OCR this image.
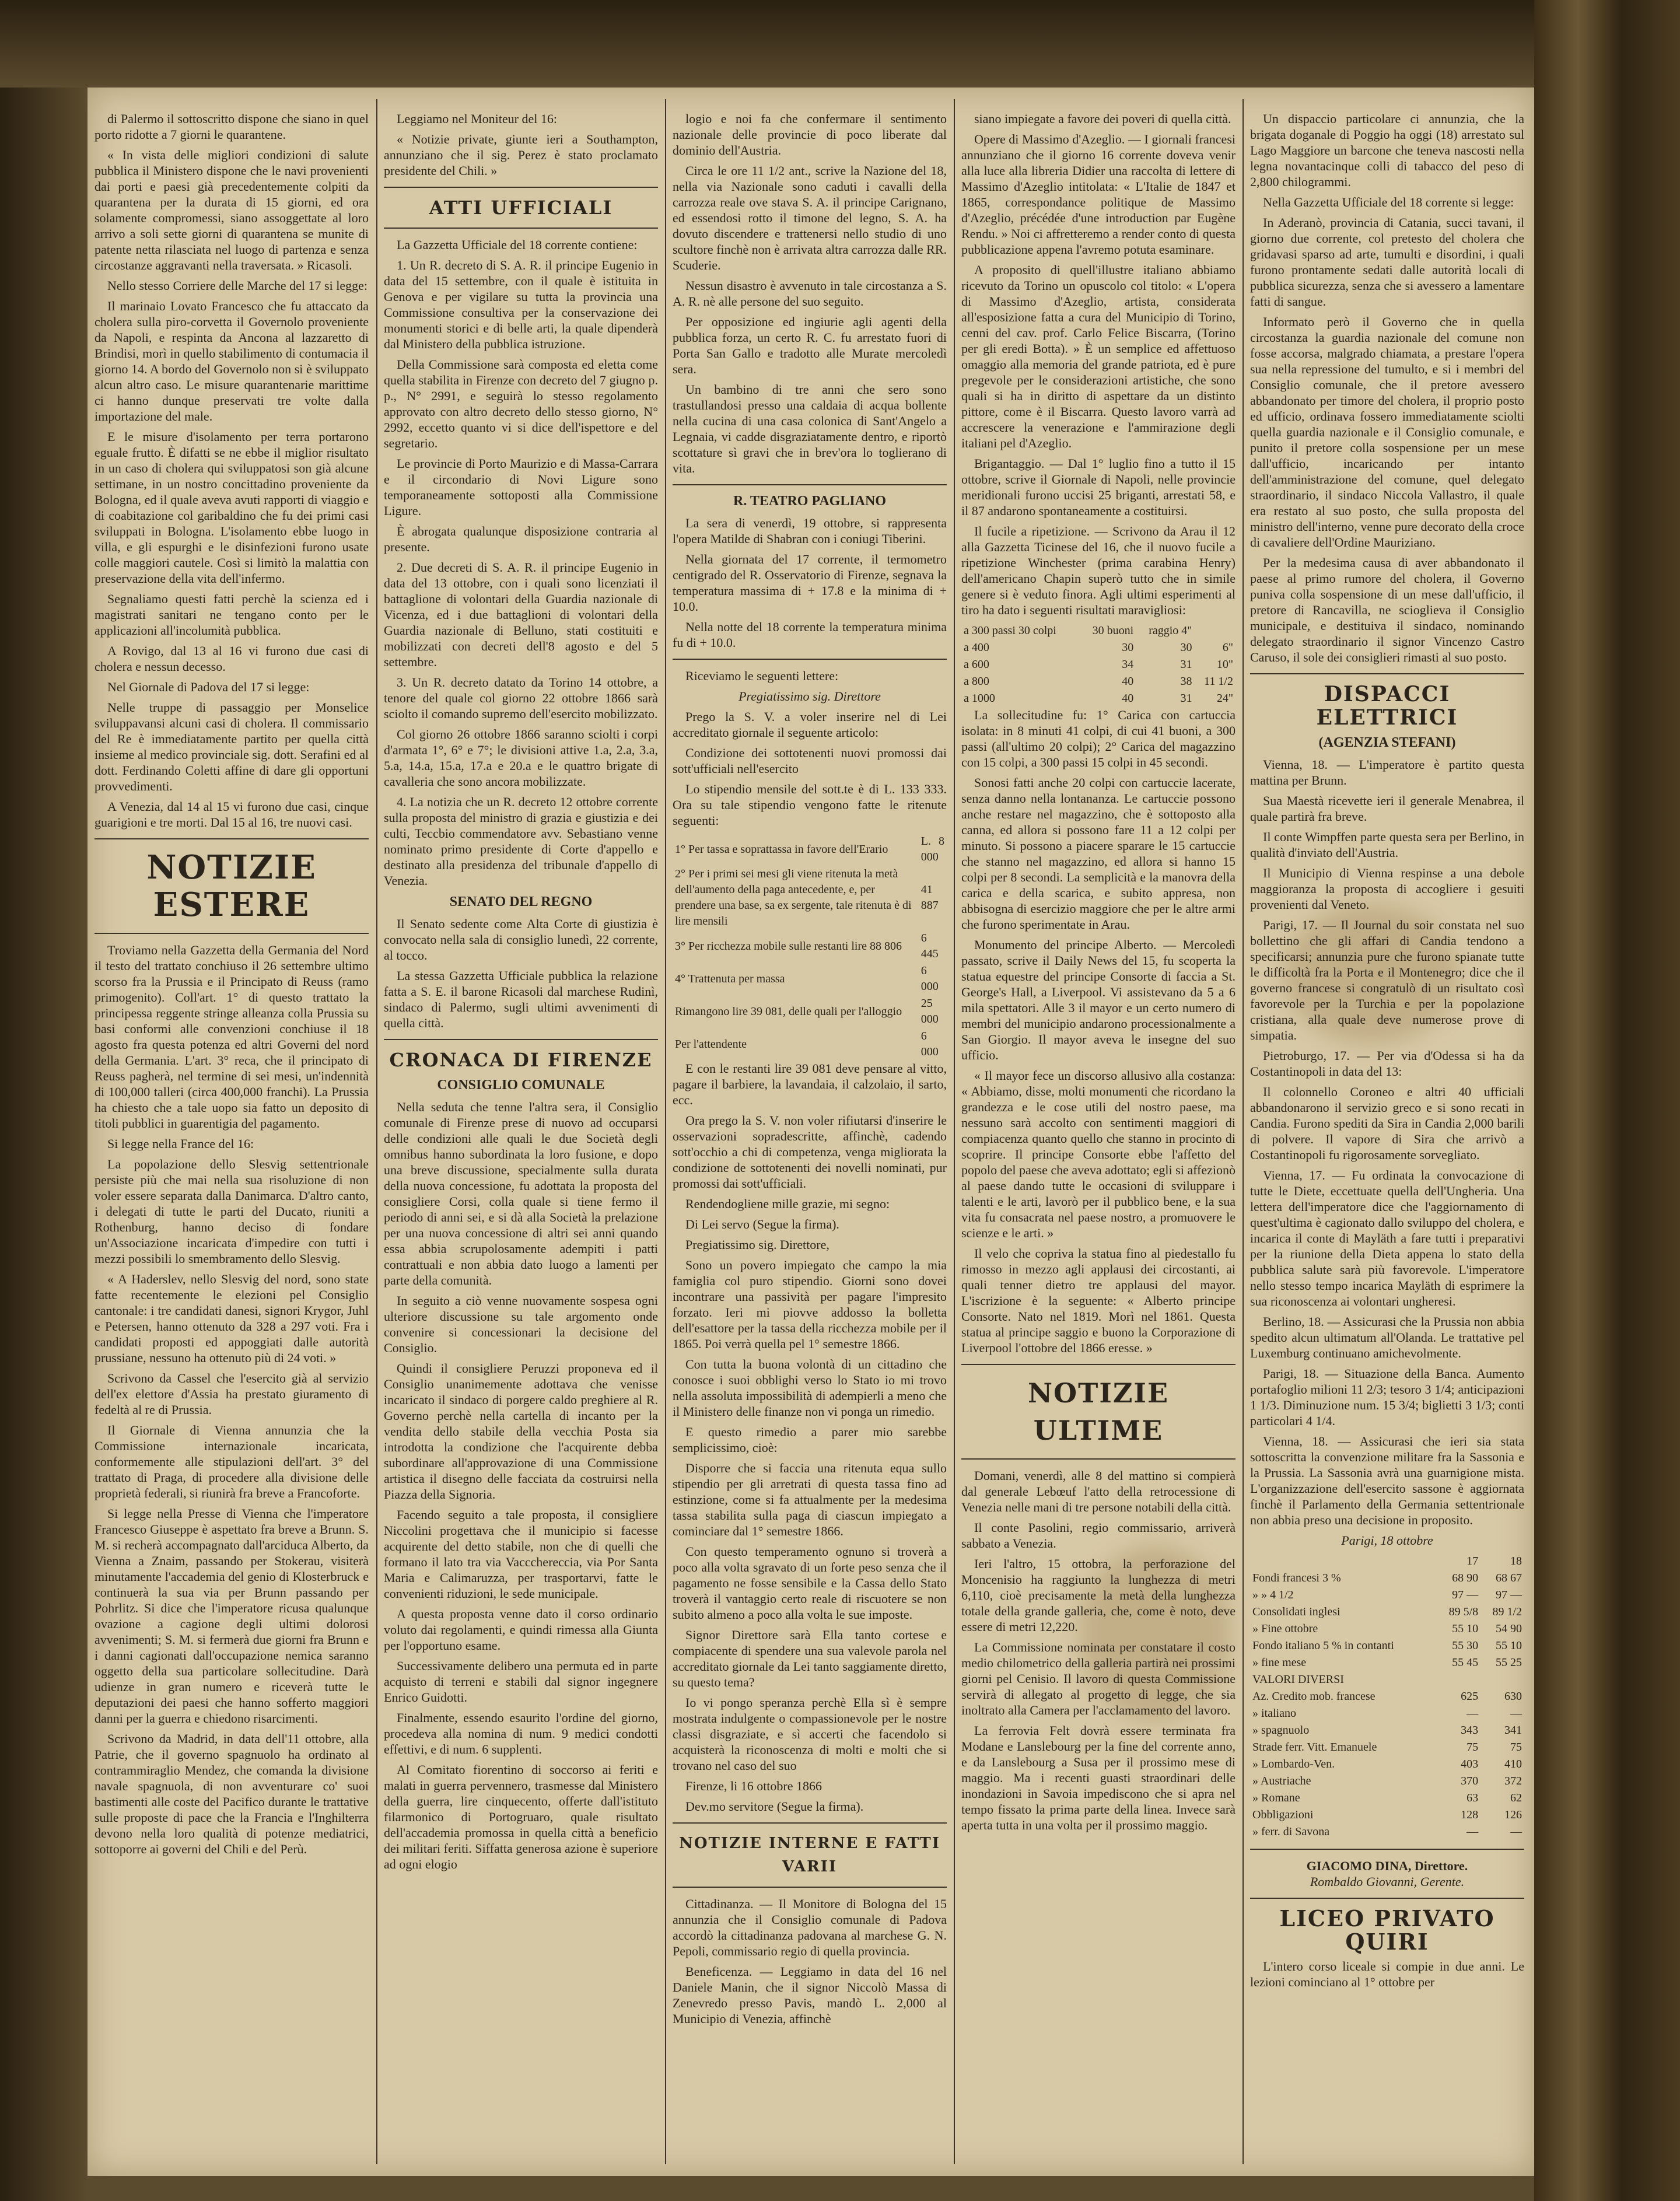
di Palermo il sottoscritto dispone che siano in quel porto ridotte a 7 giorni le quarantene.

« In vista delle migliori condizioni di salute pubblica il Ministero dispone che le navi provenienti dai porti e paesi già precedentemente colpiti da quarantena per la durata di 15 giorni, ed ora solamente compromessi, siano assoggettate al loro arrivo a soli sette giorni di quarantena se munite di patente netta rilasciata nel luogo di partenza e senza circostanze aggravanti nella traversata. » Ricasoli.

Nello stesso Corriere delle Marche del 17 si legge:

Il marinaio Lovato Francesco che fu attaccato da cholera sulla piro-corvetta il Governolo proveniente da Napoli, e respinta da Ancona al lazzaretto di Brindisi, morì in quello stabilimento di contumacia il giorno 14. A bordo del Governolo non si è sviluppato alcun altro caso. Le misure quarantenarie marittime ci hanno dunque preservati tre volte dalla importazione del male.

E le misure d'isolamento per terra portarono eguale frutto. È difatti se ne ebbe il miglior risultato in un caso di cholera qui sviluppatosi son già alcune settimane, in un nostro concittadino proveniente da Bologna, ed il quale aveva avuti rapporti di viaggio e di coabitazione col garibaldino che fu dei primi casi sviluppati in Bologna. L'isolamento ebbe luogo in villa, e gli espurghi e le disinfezioni furono usate colle maggiori cautele. Così si limitò la malattia con preservazione della vita dell'infermo.

Segnaliamo questi fatti perchè la scienza ed i magistrati sanitari ne tengano conto per le applicazioni all'incolumità pubblica.

A Rovigo, dal 13 al 16 vi furono due casi di cholera e nessun decesso.

Nel Giornale di Padova del 17 si legge:

Nelle truppe di passaggio per Monselice sviluppavansi alcuni casi di cholera. Il commissario del Re è immediatamente partito per quella città insieme al medico provinciale sig. dott. Serafini ed al dott. Ferdinando Coletti affine di dare gli opportuni provvedimenti.

A Venezia, dal 14 al 15 vi furono due casi, cinque guarigioni e tre morti. Dal 15 al 16, tre nuovi casi.

NOTIZIE ESTERE

Troviamo nella Gazzetta della Germania del Nord il testo del trattato conchiuso il 26 settembre ultimo scorso fra la Prussia e il Principato di Reuss (ramo primogenito). Coll'art. 1° di questo trattato la principessa reggente stringe alleanza colla Prussia su basi conformi alle convenzioni conchiuse il 18 agosto fra questa potenza ed altri Governi del nord della Germania. L'art. 3° reca, che il principato di Reuss pagherà, nel termine di sei mesi, un'indennità di 100,000 talleri (circa 400,000 franchi). La Prussia ha chiesto che a tale uopo sia fatto un deposito di titoli pubblici in guarentigia del pagamento.

Si legge nella France del 16:

La popolazione dello Slesvig settentrionale persiste più che mai nella sua risoluzione di non voler essere separata dalla Danimarca. D'altro canto, i delegati di tutte le parti del Ducato, riuniti a Rothenburg, hanno deciso di fondare un'Associazione incaricata d'impedire con tutti i mezzi possibili lo smembramento dello Slesvig.

« A Haderslev, nello Slesvig del nord, sono state fatte recentemente le elezioni pel Consiglio cantonale: i tre candidati danesi, signori Krygor, Juhl e Petersen, hanno ottenuto da 328 a 297 voti. Fra i candidati proposti ed appoggiati dalle autorità prussiane, nessuno ha ottenuto più di 24 voti. »

Scrivono da Cassel che l'esercito già al servizio dell'ex elettore d'Assia ha prestato giuramento di fedeltà al re di Prussia.

Il Giornale di Vienna annunzia che la Commissione internazionale incaricata, conformemente alle stipulazioni dell'art. 3° del trattato di Praga, di procedere alla divisione delle proprietà federali, si riunirà fra breve a Francoforte.

Si legge nella Presse di Vienna che l'imperatore Francesco Giuseppe è aspettato fra breve a Brunn. S. M. si recherà accompagnato dall'arciduca Alberto, da Vienna a Znaim, passando per Stokerau, visiterà minutamente l'accademia del genio di Klosterbruck e continuerà la sua via per Brunn passando per Pohrlitz. Si dice che l'imperatore ricusa qualunque ovazione a cagione degli ultimi dolorosi avvenimenti; S. M. si fermerà due giorni fra Brunn e i danni cagionati dall'occupazione nemica saranno oggetto della sua particolare sollecitudine. Darà udienze in gran numero e riceverà tutte le deputazioni dei paesi che hanno sofferto maggiori danni per la guerra e chiedono risarcimenti.

Scrivono da Madrid, in data dell'11 ottobre, alla Patrie, che il governo spagnuolo ha ordinato al contrammiraglio Mendez, che comanda la divisione navale spagnuola, di non avventurare co' suoi bastimenti alle coste del Pacifico durante le trattative sulle proposte di pace che la Francia e l'Inghilterra devono nella loro qualità di potenze mediatrici, sottoporre ai governi del Chili e del Perù.

Leggiamo nel Moniteur del 16:

« Notizie private, giunte ieri a Southampton, annunziano che il sig. Perez è stato proclamato presidente del Chili. »

ATTI UFFICIALI

La Gazzetta Ufficiale del 18 corrente contiene:

1. Un R. decreto di S. A. R. il principe Eugenio in data del 15 settembre, con il quale è istituita in Genova e per vigilare su tutta la provincia una Commissione consultiva per la conservazione dei monumenti storici e di belle arti, la quale dipenderà dal Ministero della pubblica istruzione.

Della Commissione sarà composta ed eletta come quella stabilita in Firenze con decreto del 7 giugno p. p., N° 2991, e seguirà lo stesso regolamento approvato con altro decreto dello stesso giorno, N° 2992, eccetto quanto vi si dice dell'ispettore e del segretario.

Le provincie di Porto Maurizio e di Massa-Carrara e il circondario di Novi Ligure sono temporaneamente sottoposti alla Commissione Ligure.

È abrogata qualunque disposizione contraria al presente.

2. Due decreti di S. A. R. il principe Eugenio in data del 13 ottobre, con i quali sono licenziati il battaglione di volontari della Guardia nazionale di Vicenza, ed i due battaglioni di volontari della Guardia nazionale di Belluno, stati costituiti e mobilizzati con decreti dell'8 agosto e del 5 settembre.

3. Un R. decreto datato da Torino 14 ottobre, a tenore del quale col giorno 22 ottobre 1866 sarà sciolto il comando supremo dell'esercito mobilizzato.

Col giorno 26 ottobre 1866 saranno sciolti i corpi d'armata 1°, 6° e 7°; le divisioni attive 1.a, 2.a, 3.a, 5.a, 14.a, 15.a, 17.a e 20.a e le quattro brigate di cavalleria che sono ancora mobilizzate.

4. La notizia che un R. decreto 12 ottobre corrente sulla proposta del ministro di grazia e giustizia e dei culti, Teccbio commendatore avv. Sebastiano venne nominato primo presidente di Corte d'appello e destinato alla presidenza del tribunale d'appello di Venezia.

SENATO DEL REGNO

Il Senato sedente come Alta Corte di giustizia è convocato nella sala di consiglio lunedì, 22 corrente, al tocco.

La stessa Gazzetta Ufficiale pubblica la relazione fatta a S. E. il barone Ricasoli dal marchese Rudinì, sindaco di Palermo, sugli ultimi avvenimenti di quella città.

CRONACA DI FIRENZE
CONSIGLIO COMUNALE

Nella seduta che tenne l'altra sera, il Consiglio comunale di Firenze prese di nuovo ad occuparsi delle condizioni alle quali le due Società degli omnibus hanno subordinata la loro fusione, e dopo una breve discussione, specialmente sulla durata della nuova concessione, fu adottata la proposta del consigliere Corsi, colla quale si tiene fermo il periodo di anni sei, e si dà alla Società la prelazione per una nuova concessione di altri sei anni quando essa abbia scrupolosamente adempiti i patti contrattuali e non abbia dato luogo a lamenti per parte della comunità.

In seguito a ciò venne nuovamente sospesa ogni ulteriore discussione su tale argomento onde convenire si concessionari la decisione del Consiglio.

Quindi il consigliere Peruzzi proponeva ed il Consiglio unanimemente adottava che venisse incaricato il sindaco di porgere caldo preghiere al R. Governo perchè nella cartella di incanto per la vendita dello stabile della vecchia Posta sia introdotta la condizione che l'acquirente debba subordinare all'approvazione di una Commissione artistica il disegno delle facciata da costruirsi nella Piazza della Signoria.

Facendo seguito a tale proposta, il consigliere Niccolini progettava che il municipio si facesse acquirente del detto stabile, non che di quelli che formano il lato tra via Vaccchereccia, via Por Santa Maria e Calimaruzza, per trasportarvi, fatte le convenienti riduzioni, le sede municipale.

A questa proposta venne dato il corso ordinario voluto dai regolamenti, e quindi rimessa alla Giunta per l'opportuno esame.

Successivamente delibero una permuta ed in parte acquisto di terreni e stabili dal signor ingegnere Enrico Guidotti.

Finalmente, essendo esaurito l'ordine del giorno, procedeva alla nomina di num. 9 medici condotti effettivi, e di num. 6 supplenti.

Al Comitato fiorentino di soccorso ai feriti e malati in guerra pervennero, trasmesse dal Ministero della guerra, lire cinquecento, offerte dall'istituto filarmonico di Portogruaro, quale risultato dell'accademia promossa in quella città a beneficio dei militari feriti. Siffatta generosa azione è superiore ad ogni elogio

logio e noi fa che confermare il sentimento nazionale delle provincie di poco liberate dal dominio dell'Austria.

Circa le ore 11 1/2 ant., scrive la Nazione del 18, nella via Nazionale sono caduti i cavalli della carrozza reale ove stava S. A. il principe Carignano, ed essendosi rotto il timone del legno, S. A. ha dovuto discendere e trattenersi nello studio di uno scultore finchè non è arrivata altra carrozza dalle RR. Scuderie.

Nessun disastro è avvenuto in tale circostanza a S. A. R. nè alle persone del suo seguito.

Per opposizione ed ingiurie agli agenti della pubblica forza, un certo R. C. fu arrestato fuori di Porta San Gallo e tradotto alle Murate mercoledì sera.

Un bambino di tre anni che sero sono trastullandosi presso una caldaia di acqua bollente nella cucina di una casa colonica di Sant'Angelo a Legnaia, vi cadde disgraziatamente dentro, e riportò scottature sì gravi che in brev'ora lo toglierano di vita.

R. TEATRO PAGLIANO

La sera di venerdì, 19 ottobre, si rappresenta l'opera Matilde di Shabran con i coniugi Tiberini.

Nella giornata del 17 corrente, il termometro centigrado del R. Osservatorio di Firenze, segnava la temperatura massima di + 17.8 e la minima di + 10.0.

Nella notte del 18 corrente la temperatura minima fu di + 10.0.

Riceviamo le seguenti lettere:

Pregiatissimo sig. Direttore

Prego la S. V. a voler inserire nel di Lei accreditato giornale il seguente articolo:

Condizione dei sottotenenti nuovi promossi dai sott'ufficiali nell'esercito

Lo stipendio mensile del sott.te è di L. 133 333. Ora su tale stipendio vengono fatte le ritenute seguenti:

1° Per tassa e soprattassa in favore dell'Erario	L. 8 000
2° Per i primi sei mesi gli viene ritenuta la metà dell'aumento della paga antecedente, e, per prendere una base, sa ex sergente, tale ritenuta è di lire mensili	41 887
3° Per ricchezza mobile sulle restanti lire 88 806	6 445
4° Trattenuta per massa	6 000
Rimangono lire 39 081, delle quali per l'alloggio	25 000
Per l'attendente	6 000

E con le restanti lire 39 081 deve pensare al vitto, pagare il barbiere, la lavandaia, il calzolaio, il sarto, ecc.

Ora prego la S. V. non voler rifiutarsi d'inserire le osservazioni sopradescritte, affinchè, cadendo sott'occhio a chi di competenza, venga migliorata la condizione de sottotenenti dei novelli nominati, pur promossi dai sott'ufficiali.

Rendendogliene mille grazie, mi segno:

Di Lei servo (Segue la firma).

Pregiatissimo sig. Direttore,

Sono un povero impiegato che campo la mia famiglia col puro stipendio. Giorni sono dovei incontrare una passività per pagare l'impresito forzato. Ieri mi piovve addosso la bolletta dell'esattore per la tassa della ricchezza mobile per il 1865. Poi verrà quella pel 1° semestre 1866.

Con tutta la buona volontà di un cittadino che conosce i suoi obblighi verso lo Stato io mi trovo nella assoluta impossibilità di adempierli a meno che il Ministero delle finanze non vi ponga un rimedio.

E questo rimedio a parer mio sarebbe semplicissimo, cioè:

Disporre che si faccia una ritenuta equa sullo stipendio per gli arretrati di questa tassa fino ad estinzione, come si fa attualmente per la medesima tassa stabilita sulla paga di ciascun impiegato a cominciare dal 1° semestre 1866.

Con questo temperamento ognuno si troverà a poco alla volta sgravato di un forte peso senza che il pagamento ne fosse sensibile e la Cassa dello Stato troverà il vantaggio certo reale di riscuotere se non subito almeno a poco alla volta le sue imposte.

Signor Direttore sarà Ella tanto cortese e compiacente di spendere una sua valevole parola nel accreditato giornale da Lei tanto saggiamente diretto, su questo tema?

Io vi pongo speranza perchè Ella sì è sempre mostrata indulgente o compassionevole per le nostre classi disgraziate, e sì accerti che facendolo si acquisterà la riconoscenza di molti e molti che si trovano nel caso del suo

Firenze, li 16 ottobre 1866

Dev.mo servitore (Segue la firma).

NOTIZIE INTERNE E FATTI VARII

Cittadinanza. — Il Monitore di Bologna del 15 annunzia che il Consiglio comunale di Padova accordò la cittadinanza padovana al marchese G. N. Pepoli, commissario regio di quella provincia.

Beneficenza. — Leggiamo in data del 16 nel Daniele Manin, che il signor Niccolò Massa di Zenevredo presso Pavis, mandò L. 2,000 al Municipio di Venezia, affinchè

siano impiegate a favore dei poveri di quella città.

Opere di Massimo d'Azeglio. — I giornali francesi annunziano che il giorno 16 corrente doveva venir alla luce alla libreria Didier una raccolta di lettere di Massimo d'Azeglio intitolata: « L'Italie de 1847 et 1865, correspondance politique de Massimo d'Azeglio, précédée d'une introduction par Eugène Rendu. » Noi ci affretteremo a render conto di questa pubblicazione appena l'avremo potuta esaminare.

A proposito di quell'illustre italiano abbiamo ricevuto da Torino un opuscolo col titolo: « L'opera di Massimo d'Azeglio, artista, considerata all'esposizione fatta a cura del Municipio di Torino, cenni del cav. prof. Carlo Felice Biscarra, (Torino per gli eredi Botta). » È un semplice ed affettuoso omaggio alla memoria del grande patriota, ed è pure pregevole per le considerazioni artistiche, che sono quali si ha in diritto di aspettare da un distinto pittore, come è il Biscarra. Questo lavoro varrà ad accrescere la venerazione e l'ammirazione degli italiani pel d'Azeglio.

Brigantaggio. — Dal 1° luglio fino a tutto il 15 ottobre, scrive il Giornale di Napoli, nelle provincie meridionali furono uccisi 25 briganti, arrestati 58, e il 87 andarono spontaneamente a costituirsi.

Il fucile a ripetizione. — Scrivono da Arau il 12 alla Gazzetta Ticinese del 16, che il nuovo fucile a ripetizione Winchester (prima carabina Henry) dell'americano Chapin superò tutto che in simile genere si è veduto finora. Agli ultimi esperimenti al tiro ha dato i seguenti risultati maravigliosi:

a 300 passi 30 colpi	30 buoni	raggio 4"	
a 400	30	30	6"
a 600	34	31	10"
a 800	40	38	11 1/2
a 1000	40	31	24"

La sollecitudine fu: 1° Carica con cartuccia isolata: in 8 minuti 41 colpi, di cui 41 buoni, a 300 passi (all'ultimo 20 colpi); 2° Carica del magazzino con 15 colpi, a 300 passi 15 colpi in 45 secondi.

Sonosi fatti anche 20 colpi con cartuccie lacerate, senza danno nella lontananza. Le cartuccie possono anche restare nel magazzino, che è sottoposto alla canna, ed allora si possono fare 11 a 12 colpi per minuto. Si possono a piacere sparare le 15 cartuccie che stanno nel magazzino, ed allora si hanno 15 colpi per 8 secondi. La semplicità e la manovra della carica e della scarica, e subito appresa, non abbisogna di esercizio maggiore che per le altre armi che furono sperimentate in Arau.

Monumento del principe Alberto. — Mercoledì passato, scrive il Daily News del 15, fu scoperta la statua equestre del principe Consorte di faccia a St. George's Hall, a Liverpool. Vi assistevano da 5 a 6 mila spettatori. Alle 3 il mayor e un certo numero di membri del municipio andarono processionalmente a San Giorgio. Il mayor aveva le insegne del suo ufficio.

« Il mayor fece un discorso allusivo alla costanza: « Abbiamo, disse, molti monumenti che ricordano la grandezza e le cose utili del nostro paese, ma nessuno sarà accolto con sentimenti maggiori di compiacenza quanto quello che stanno in procinto di scoprire. Il principe Consorte ebbe l'affetto del popolo del paese che aveva adottato; egli si affezionò al paese dando tutte le occasioni di sviluppare i talenti e le arti, lavorò per il pubblico bene, e la sua vita fu consacrata nel paese nostro, a promuovere le scienze e le arti. »

Il velo che copriva la statua fino al piedestallo fu rimosso in mezzo agli applausi dei circostanti, ai quali tenner dietro tre applausi del mayor. L'iscrizione è la seguente: « Alberto principe Consorte. Nato nel 1819. Morì nel 1861. Questa statua al principe saggio e buono la Corporazione di Liverpool l'ottobre del 1866 eresse. »

NOTIZIE ULTIME

Domani, venerdì, alle 8 del mattino si compierà dal generale Lebœuf l'atto della retrocessione di Venezia nelle mani di tre persone notabili della città.

Il conte Pasolini, regio commissario, arriverà sabbato a Venezia.

Ieri l'altro, 15 ottobra, la perforazione del Moncenisio ha raggiunto la lunghezza di metri 6,110, cioè precisamente la metà della lunghezza totale della grande galleria, che, come è noto, deve essere di metri 12,220.

La Commissione nominata per constatare il costo medio chilometrico della galleria partirà nei prossimi giorni pel Cenisio. Il lavoro di questa Commissione servirà di allegato al progetto di legge, che sia inoltrato alla Camera per l'acclamamento del lavoro.

La ferrovia Felt dovrà essere terminata fra Modane e Lanslebourg per la fine del corrente anno, e da Lanslebourg a Susa per il prossimo mese di maggio. Ma i recenti guasti straordinari delle inondazioni in Savoia impediscono che si apra nel tempo fissato la prima parte della linea. Invece sarà aperta tutta in una volta per il prossimo maggio.

Un dispaccio particolare ci annunzia, che la brigata doganale di Poggio ha oggi (18) arrestato sul Lago Maggiore un barcone che teneva nascosti nella legna novantacinque colli di tabacco del peso di 2,800 chilogrammi.

Nella Gazzetta Ufficiale del 18 corrente si legge:

In Aderanò, provincia di Catania, succi tavani, il giorno due corrente, col pretesto del cholera che gridavasi sparso ad arte, tumulti e disordini, i quali furono prontamente sedati dalle autorità locali di pubblica sicurezza, senza che si avessero a lamentare fatti di sangue.

Informato però il Governo che in quella circostanza la guardia nazionale del comune non fosse accorsa, malgrado chiamata, a prestare l'opera sua nella repressione del tumulto, e si i membri del Consiglio comunale, che il pretore avessero abbandonato per timore del cholera, il proprio posto ed ufficio, ordinava fossero immediatamente sciolti quella guardia nazionale e il Consiglio comunale, e punito il pretore colla sospensione per un mese dall'ufficio, incaricando per intanto dell'amministrazione del comune, quel delegato straordinario, il sindaco Niccola Vallastro, il quale era restato al suo posto, che sulla proposta del ministro dell'interno, venne pure decorato della croce di cavaliere dell'Ordine Mauriziano.

Per la medesima causa di aver abbandonato il paese al primo rumore del cholera, il Governo puniva colla sospensione di un mese dall'ufficio, il pretore di Rancavilla, ne scioglieva il Consiglio municipale, e destituiva il sindaco, nominando delegato straordinario il signor Vincenzo Castro Caruso, il sole dei consiglieri rimasti al suo posto.

DISPACCI ELETTRICI
(AGENZIA STEFANI)

Vienna, 18. — L'imperatore è partito questa mattina per Brunn.

Sua Maestà ricevette ieri il generale Menabrea, il quale partirà fra breve.

Il conte Wimpffen parte questa sera per Berlino, in qualità d'inviato dell'Austria.

Il Municipio di Vienna respinse a una debole maggioranza la proposta di accogliere i gesuiti provenienti dal Veneto.

Parigi, 17. — Il Journal du soir constata nel suo bollettino che gli affari di Candia tendono a specificarsi; annunzia pure che furono spianate tutte le difficoltà fra la Porta e il Montenegro; dice che il governo francese si congratulò di un risultato così favorevole per la Turchia e per la popolazione cristiana, alla quale deve numerose prove di simpatia.

Pietroburgo, 17. — Per via d'Odessa si ha da Costantinopoli in data del 13:

Il colonnello Coroneo e altri 40 ufficiali abbandonarono il servizio greco e si sono recati in Candia. Furono spediti da Sira in Candia 2,000 barili di polvere. Il vapore di Sira che arrivò a Costantinopoli fu rigorosamente sorvegliato.

Vienna, 17. — Fu ordinata la convocazione di tutte le Diete, eccettuate quella dell'Ungheria. Una lettera dell'imperatore dice che l'aggiornamento di quest'ultima è cagionato dallo sviluppo del cholera, e incarica il conte di Mayläth a fare tutti i preparativi per la riunione della Dieta appena lo stato della pubblica salute sarà più favorevole. L'imperatore nello stesso tempo incarica Mayläth di esprimere la sua riconoscenza ai volontari ungheresi.

Berlino, 18. — Assicurasi che la Prussia non abbia spedito alcun ultimatum all'Olanda. Le trattative pel Luxemburg continuano amichevolmente.

Parigi, 18. — Situazione della Banca. Aumento portafoglio milioni 11 2/3; tesoro 3 1/4; anticipazioni 1 1/3. Diminuzione num. 15 3/4; biglietti 3 1/3; conti particolari 4 1/4.

Vienna, 18. — Assicurasi che ieri sia stata sottoscritta la convenzione militare fra la Sassonia e la Prussia. La Sassonia avrà una guarnigione mista. L'organizzazione dell'esercito sassone è aggiornata finchè il Parlamento della Germania settentrionale non abbia preso una decisione in proposito.

Parigi, 18 ottobre
	17	18
Fondi francesi 3 %	68 90	68 67
» » 4 1/2	97 —	97 —
Consolidati inglesi	89 5/8	89 1/2
» Fine ottobre	55 10	54 90
Fondo italiano 5 % in contanti	55 30	55 10
» fine mese	55 45	55 25
VALORI DIVERSI		
Az. Credito mob. francese	625	630
» italiano	—	—
» spagnuolo	343	341
Strade ferr. Vitt. Emanuele	75	75
» Lombardo-Ven.	403	410
» Austriache	370	372
» Romane	63	62
Obbligazioni	128	126
» ferr. di Savona	—	—
GIACOMO DINA, Direttore.
Rombaldo Giovanni, Gerente.
LICEO PRIVATO QUIRI

L'intero corso liceale si compie in due anni. Le lezioni cominciano al 1° ottobre per
